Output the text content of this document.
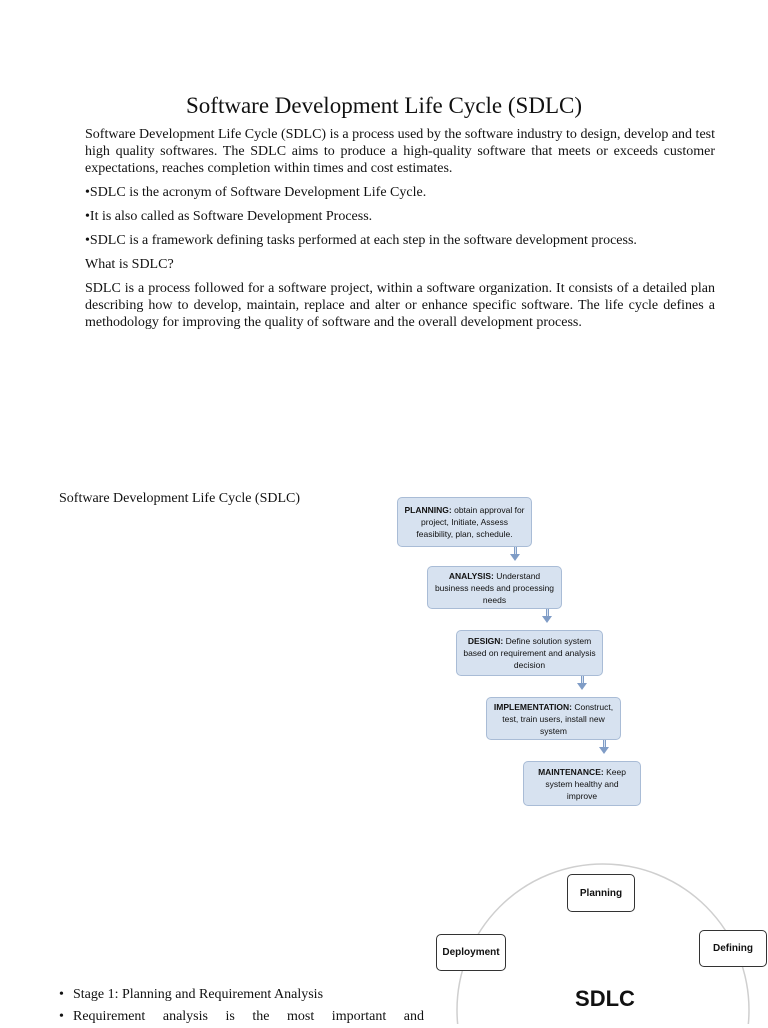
Software Development Life Cycle (SDLC)

Software Development Life Cycle (SDLC) is a process used by the software industry to design, develop and test high quality softwares. The SDLC aims to produce a high-quality software that meets or exceeds customer expectations, reaches completion within times and cost estimates.

•SDLC is the acronym of Software Development Life Cycle.

•It is also called as Software Development Process.

•SDLC is a framework defining tasks performed at each step in the software development process.

What is SDLC?

SDLC is a process followed for a software project, within a software organization. It consists of a detailed plan describing how to develop, maintain, replace and alter or enhance specific software. The life cycle defines a methodology for improving the quality of software and the overall development process.

Software Development Life Cycle (SDLC)
PLANNING: obtain approval for project, Initiate, Assess feasibility, plan, schedule.
ANALYSIS: Understand business needs and processing needs
DESIGN: Define solution system based on requirement and analysis decision
IMPLEMENTATION: Construct, test, train users, install new system
MAINTENANCE: Keep system healthy and improve
Planning
Defining
Deployment
SDLC
• Stage 1: Planning and Requirement Analysis
• Requirement analysis is the most important and
